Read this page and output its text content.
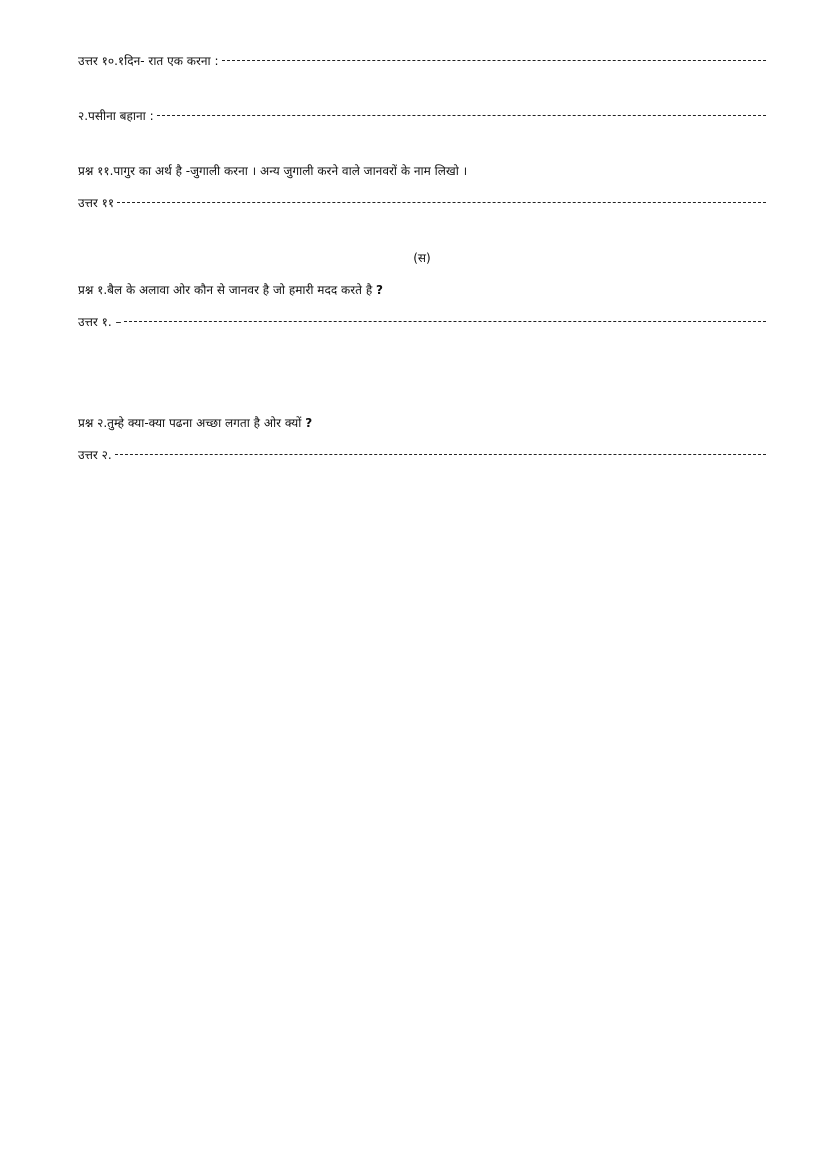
उत्तर १०.१दिन- रात एक करना :
२.पसीना बहाना :
प्रश्न ११.पागुर का अर्थ है -जुगाली करना । अन्य जुगाली करने वाले जानवरों के नाम लिखो ।
उत्तर ११
(स)
प्रश्न १.बैल के अलावा ओर कौन से जानवर है जो हमारी मदद करते है ?
उत्तर १. –
प्रश्न २.तुम्हे क्या-क्या पढना अच्छा लगता है ओर क्यों ?
उत्तर २.
